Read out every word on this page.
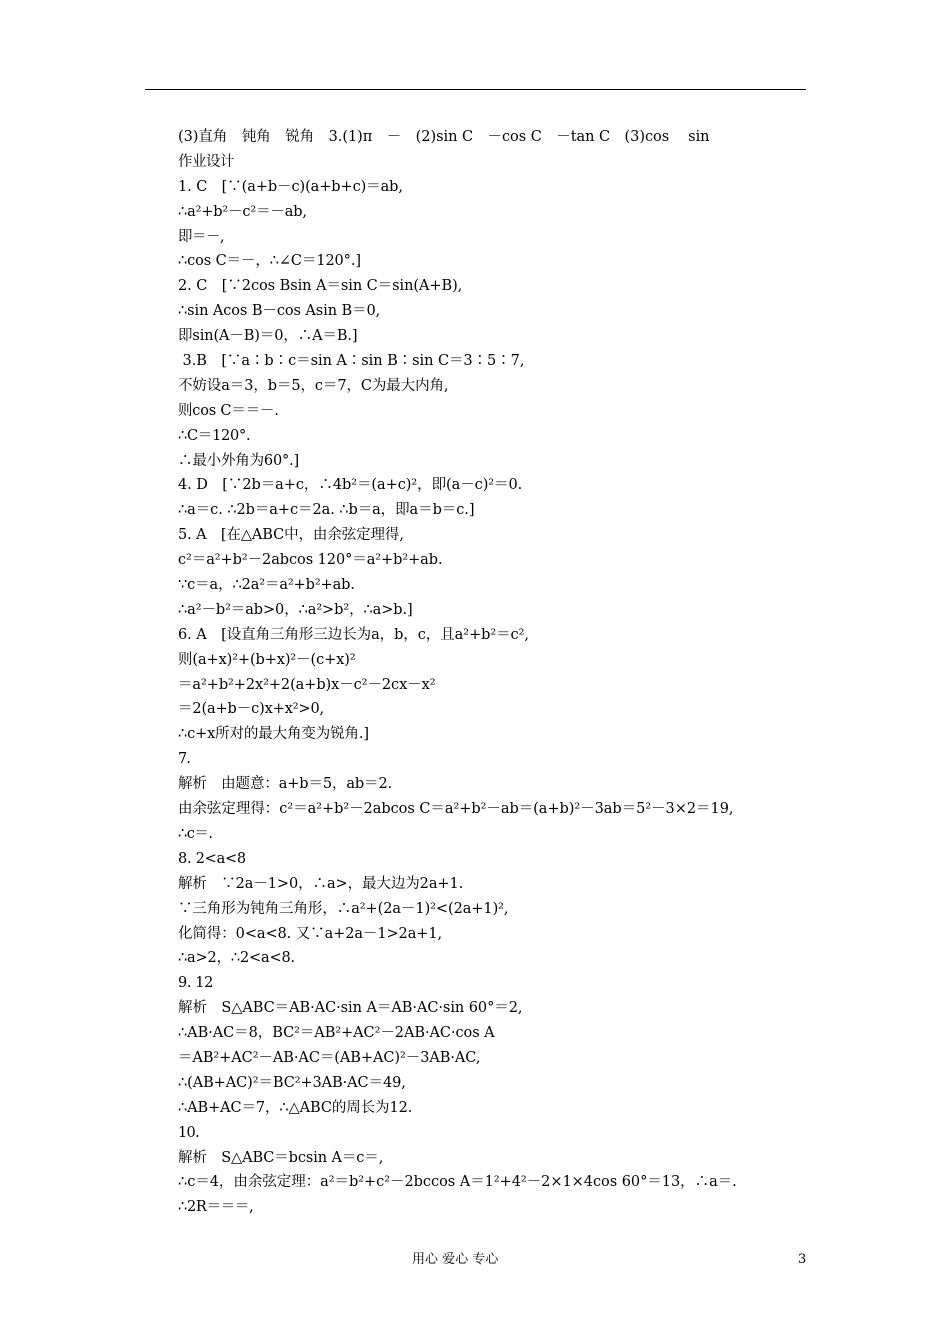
(3)直角　钝角　锐角　3.(1)π　－　(2)sin C　－cos C　－tan C　(3)cos　 sin
作业设计
1. C　[∵(a+b－c)(a+b+c)＝ab,
∴a²+b²－c²＝－ab,
即＝－,
∴cos C＝－，∴∠C＝120°.]
2. C　[∵2cos Bsin A＝sin C＝sin(A+B),
∴sin Acos B－cos Asin B＝0,
即sin(A－B)＝0，∴A＝B.]
3.B　[∵a∶b∶c＝sin A∶sin B∶sin C＝3∶5∶7,
不妨设a＝3，b＝5，c＝7，C为最大内角,
则cos C＝＝－.
∴C＝120°.
∴最小外角为60°.]
4. D　[∵2b＝a+c，∴4b²＝(a+c)²，即(a－c)²＝0.
∴a＝c. ∴2b＝a+c＝2a. ∴b＝a，即a＝b＝c.]
5. A　[在△ABC中，由余弦定理得,
c²＝a²+b²－2abcos 120°＝a²+b²+ab.
∵c＝a，∴2a²＝a²+b²+ab.
∴a²－b²＝ab>0，∴a²>b²，∴a>b.]
6. A　[设直角三角形三边长为a，b，c，且a²+b²＝c²,
则(a+x)²+(b+x)²－(c+x)²
＝a²+b²+2x²+2(a+b)x－c²－2cx－x²
＝2(a+b－c)x+x²>0,
∴c+x所对的最大角变为锐角.]
7.
解析　由题意：a+b＝5，ab＝2.
由余弦定理得：c²＝a²+b²－2abcos C＝a²+b²－ab＝(a+b)²－3ab＝5²－3×2＝19,
∴c＝.
8. 2<a<8
解析　∵2a－1>0，∴a>，最大边为2a+1.
∵三角形为钝角三角形，∴a²+(2a－1)²<(2a+1)²,
化简得：0<a<8. 又∵a+2a－1>2a+1,
∴a>2，∴2<a<8.
9. 12
解析　S△ABC＝AB·AC·sin A＝AB·AC·sin 60°＝2,
∴AB·AC＝8，BC²＝AB²+AC²－2AB·AC·cos A
＝AB²+AC²－AB·AC＝(AB+AC)²－3AB·AC,
∴(AB+AC)²＝BC²+3AB·AC＝49,
∴AB+AC＝7，∴△ABC的周长为12.
10.
解析　S△ABC＝bcsin A＝c＝,
∴c＝4，由余弦定理：a²＝b²+c²－2bccos A＝1²+4²－2×1×4cos 60°＝13，∴a＝.
∴2R＝＝＝,
用心 爱心 专心	3
